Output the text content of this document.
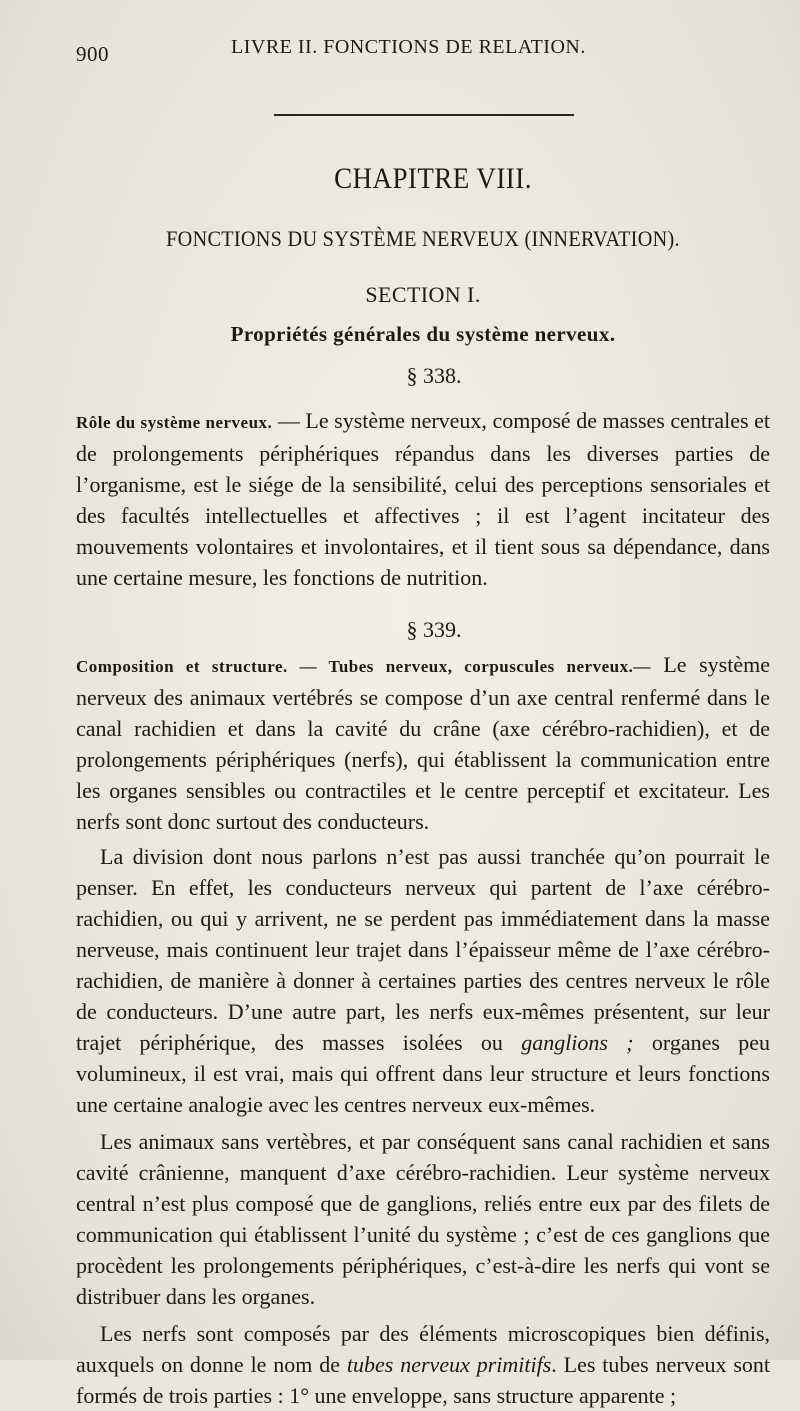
900	LIVRE II. FONCTIONS DE RELATION.
CHAPITRE VIII.
FONCTIONS DU SYSTÈME NERVEUX (INNERVATION).
SECTION I.
Propriétés générales du système nerveux.
§ 338.

Rôle du système nerveux. — Le système nerveux, composé de masses centrales et de prolongements périphériques répandus dans les diverses parties de l’organisme, est le siége de la sensibilité, celui des perceptions sensoriales et des facultés intellectuelles et affectives ; il est l’agent incitateur des mouvements volontaires et involontaires, et il tient sous sa dépendance, dans une certaine mesure, les fonctions de nutrition.

§ 339.

Composition et structure. — Tubes nerveux, corpuscules nerveux.— Le système nerveux des animaux vertébrés se compose d’un axe central renfermé dans le canal rachidien et dans la cavité du crâne (axe cérébro-rachidien), et de prolongements périphériques (nerfs), qui établissent la communication entre les organes sensibles ou contractiles et le centre perceptif et excitateur. Les nerfs sont donc surtout des conducteurs.

La division dont nous parlons n’est pas aussi tranchée qu’on pourrait le penser. En effet, les conducteurs nerveux qui partent de l’axe cérébro-rachidien, ou qui y arrivent, ne se perdent pas immédiatement dans la masse nerveuse, mais continuent leur trajet dans l’épaisseur même de l’axe cérébro-rachidien, de manière à donner à certaines parties des centres nerveux le rôle de conducteurs. D’une autre part, les nerfs eux-mêmes présentent, sur leur trajet périphérique, des masses isolées ou ganglions ; organes peu volumineux, il est vrai, mais qui offrent dans leur structure et leurs fonctions une certaine analogie avec les centres nerveux eux-mêmes.

Les animaux sans vertèbres, et par conséquent sans canal rachidien et sans cavité crânienne, manquent d’axe cérébro-rachidien. Leur système nerveux central n’est plus composé que de ganglions, reliés entre eux par des filets de communication qui établissent l’unité du système ; c’est de ces ganglions que procèdent les prolongements périphériques, c’est-à-dire les nerfs qui vont se distribuer dans les organes.

Les nerfs sont composés par des éléments microscopiques bien définis, auxquels on donne le nom de tubes nerveux primitifs. Les tubes nerveux sont formés de trois parties : 1° une enveloppe, sans structure apparente ;
